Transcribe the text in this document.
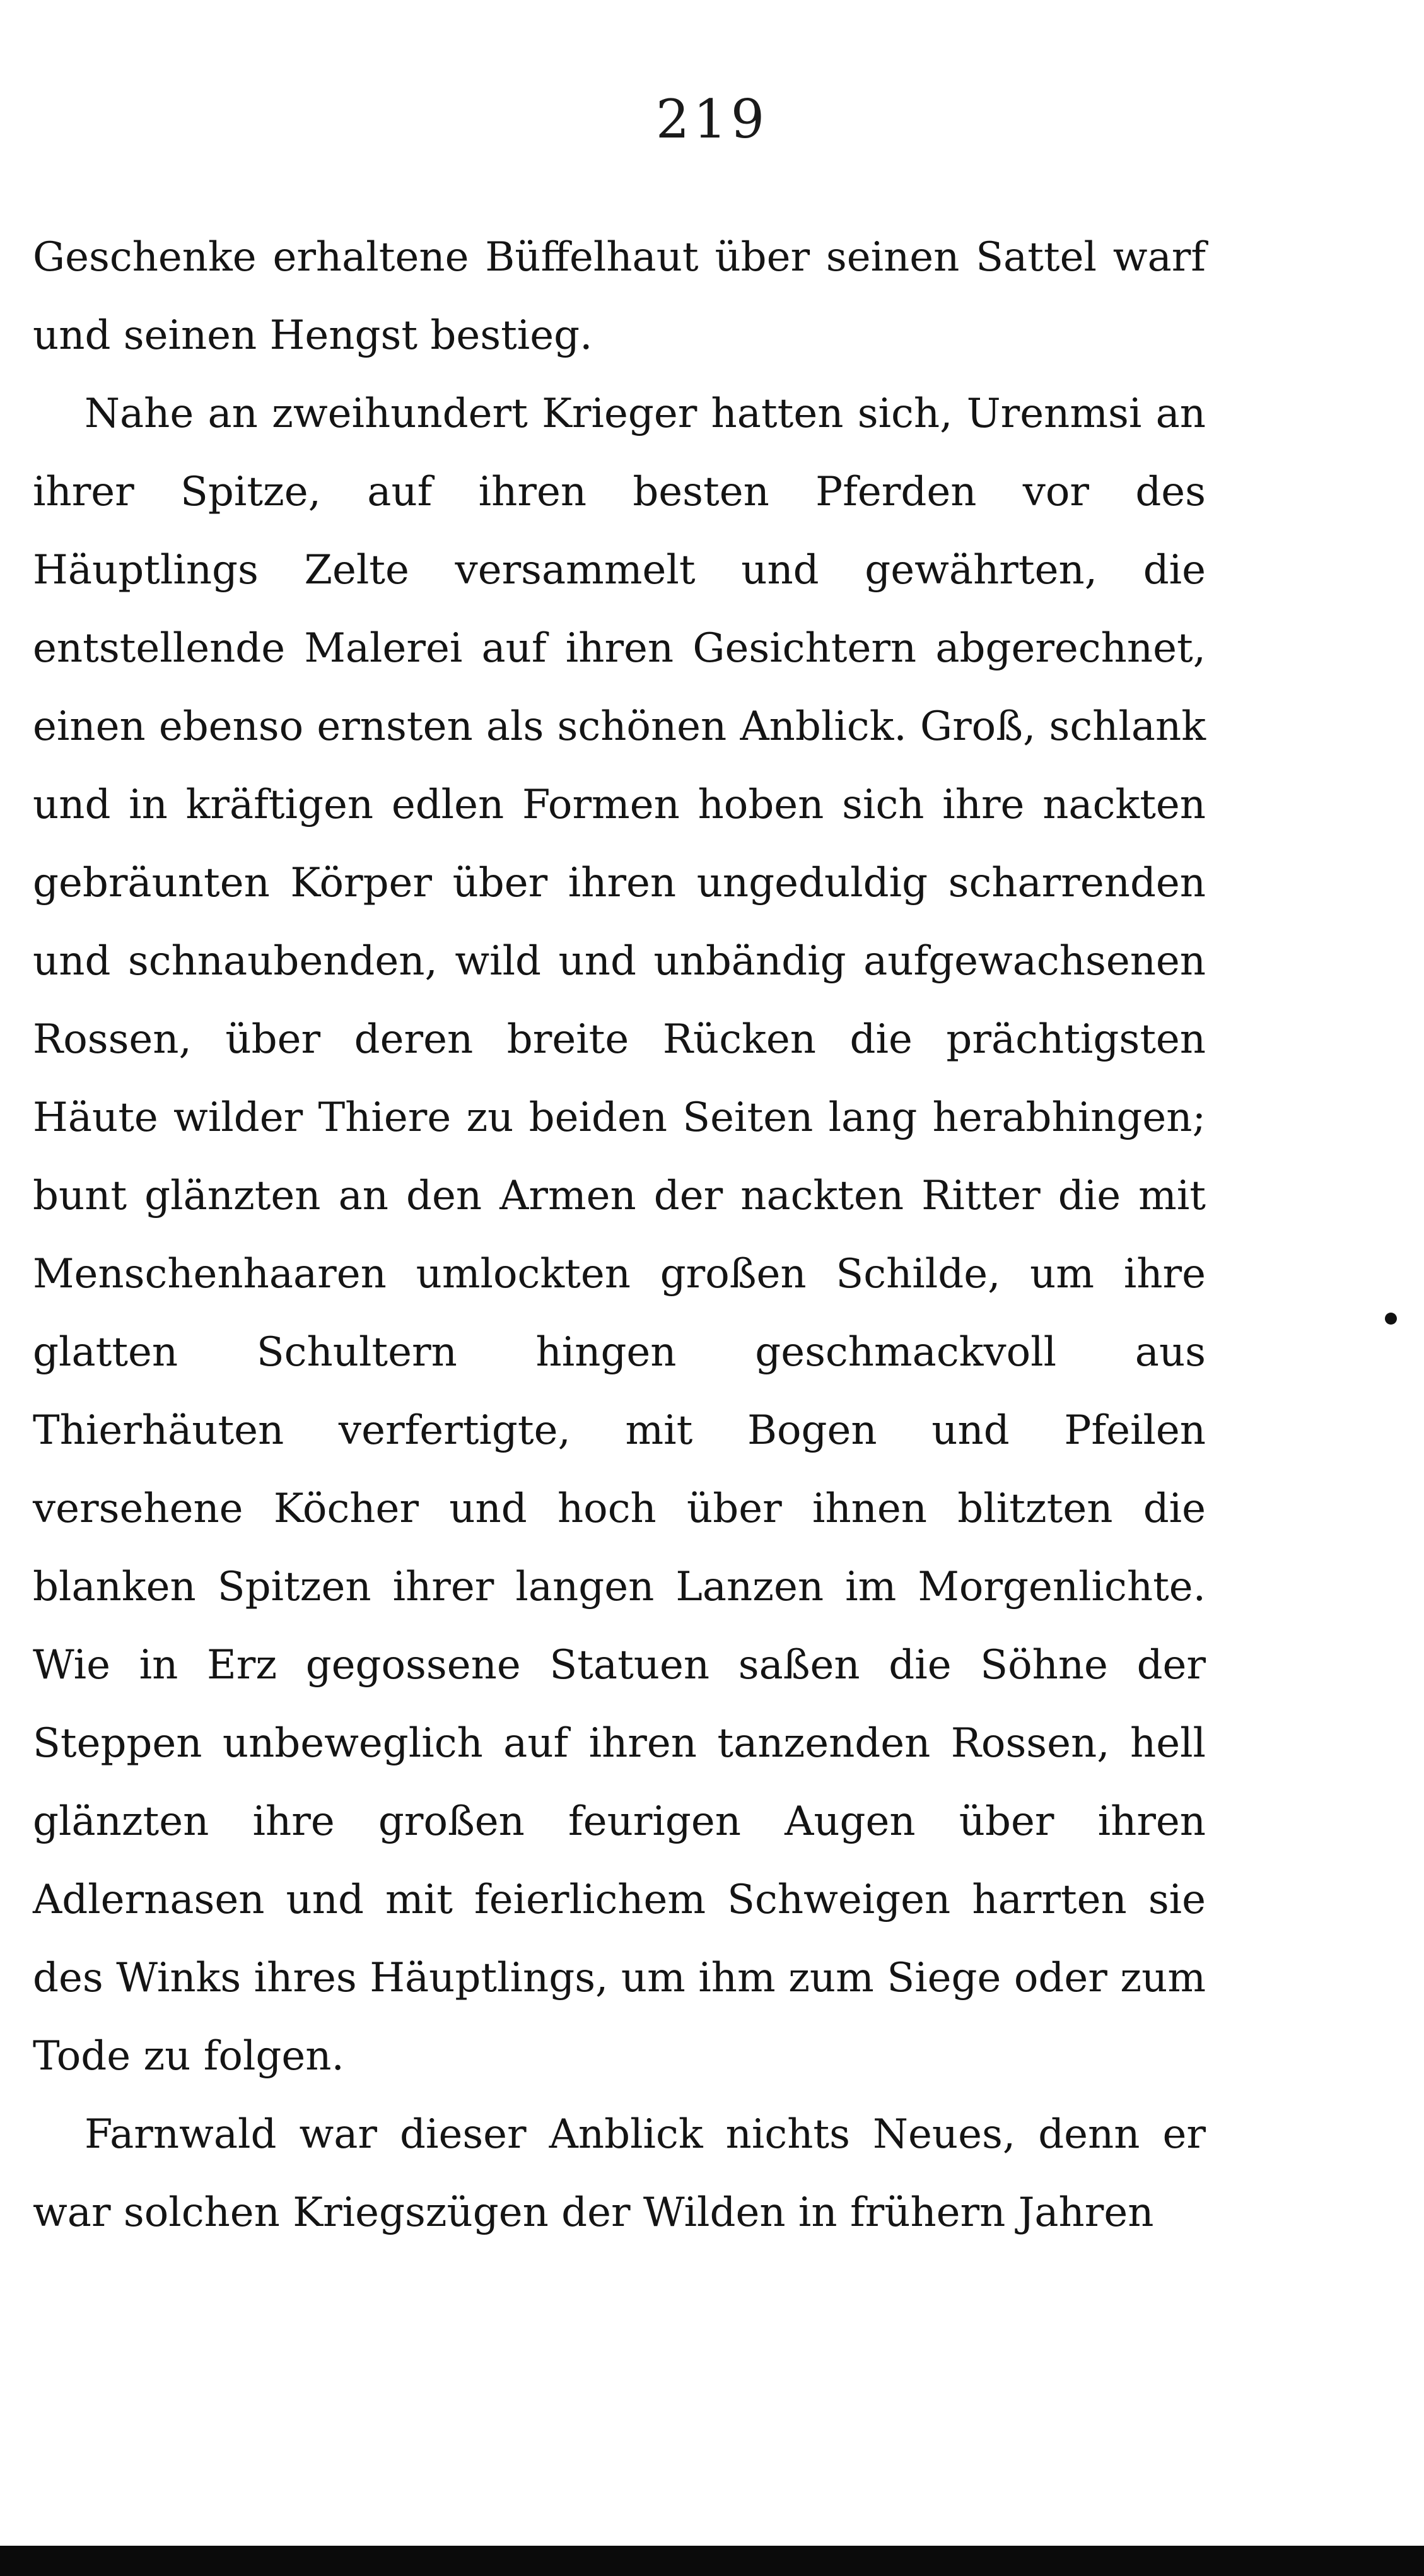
219

Geschenke erhaltene Büffelhaut über seinen Sattel warf und seinen Hengst bestieg.

Nahe an zweihundert Krieger hatten sich, Urenmsi an ihrer Spitze, auf ihren besten Pferden vor des Häuptlings Zelte versammelt und gewährten, die entstellende Malerei auf ihren Gesichtern abgerechnet, einen ebenso ernsten als schönen Anblick. Groß, schlank und in kräftigen edlen Formen hoben sich ihre nackten gebräunten Körper über ihren ungeduldig scharrenden und schnaubenden, wild und unbändig aufgewachsenen Rossen, über deren breite Rücken die prächtigsten Häute wilder Thiere zu beiden Seiten lang herabhingen; bunt glänzten an den Armen der nackten Ritter die mit Menschenhaaren umlockten großen Schilde, um ihre glatten Schultern hingen geschmackvoll aus Thierhäuten verfertigte, mit Bogen und Pfeilen versehene Köcher und hoch über ihnen blitzten die blanken Spitzen ihrer langen Lanzen im Morgenlichte. Wie in Erz gegossene Statuen saßen die Söhne der Steppen unbeweglich auf ihren tanzenden Rossen, hell glänzten ihre großen feurigen Augen über ihren Adlernasen und mit feierlichem Schweigen harrten sie des Winks ihres Häuptlings, um ihm zum Siege oder zum Tode zu folgen.

Farnwald war dieser Anblick nichts Neues, denn er war solchen Kriegszügen der Wilden in frühern Jahren
